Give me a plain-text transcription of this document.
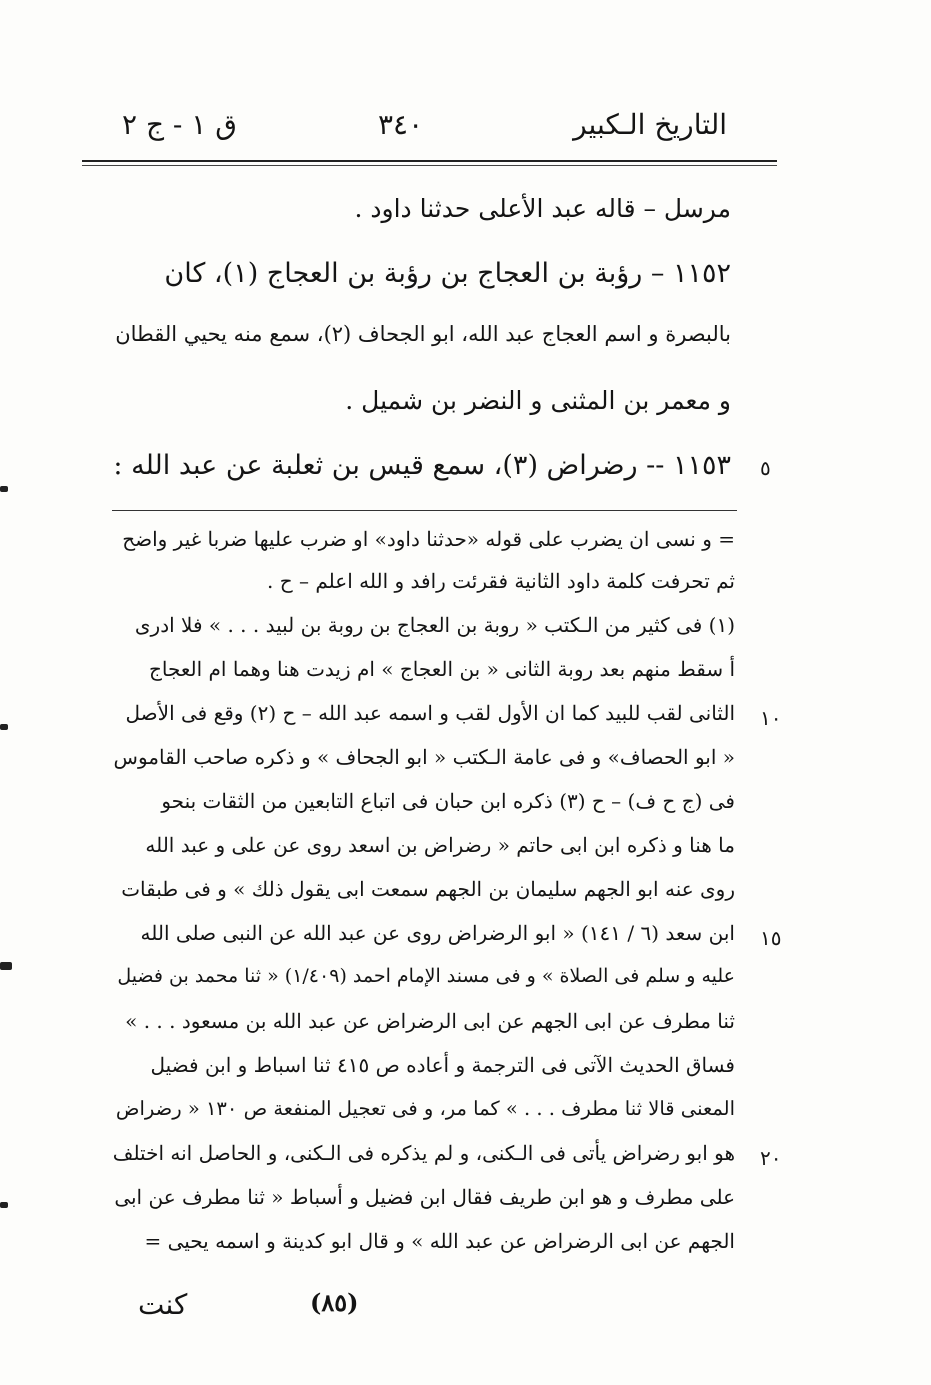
التاريخ الـكبير
٣٤٠
ق ١ - ج ٢
مرسل – قاله عبد الأعلى حدثنا داود .
١١٥٢ – رؤبة بن العجاج بن رؤبة بن العجاج (١)، كان
بالبصرة و اسم العجاج عبد الله، ابو الجحاف (٢)، سمع منه يحيي القطان
و معمر بن المثنى و النضر بن شميل .
١١٥٣ -- رضراض (٣)، سمع قيس بن ثعلبة عن عبد الله : ٥
= و نسى ان يضرب على قوله «حدثنا داود» او ضرب عليها ضربا غير واضح
ثم تحرفت كلمة داود الثانية فقرئت رافد و الله اعلم – ح .
(١) فى كثير من الـكتب « روبة بن العجاج بن روبة بن لبيد . . . » فلا ادرى
أ سقط منهم بعد روبة الثانى « بن العجاج » ام زيدت هنا وهما ام العجاج
الثانى لقب للبيد كما ان الأول لقب و اسمه عبد الله – ح (٢) وقع فى الأصل ١٠
« ابو الحصاف» و فى عامة الـكتب « ابو الجحاف » و ذكره صاحب القاموس
فى (ج ح ف) – ح (٣) ذكره ابن حبان فى اتباع التابعين من الثقات بنحو
ما هنا و ذكره ابن ابى حاتم « رضراض بن اسعد روى عن على و عبد الله
روى عنه ابو الجهم سليمان بن الجهم سمعت ابى يقول ذلك » و فى طبقات
ابن سعد (٦ / ١٤١) « ابو الرضراض روى عن عبد الله عن النبى صلى الله ١٥
عليه و سلم فى الصلاة » و فى مسند الإمام احمد (١/٤٠٩) « ثنا محمد بن فضيل
ثنا مطرف عن ابى الجهم عن ابى الرضراض عن عبد الله بن مسعود . . . »
فساق الحديث الآتى فى الترجمة و أعاده ص ٤١٥ ثنا اسباط و ابن فضيل
المعنى قالا ثنا مطرف . . . » كما مر، و فى تعجيل المنفعة ص ١٣٠ « رضراض
هو ابو رضراض يأتى فى الـكنى، و لم يذكره فى الـكنى، و الحاصل انه اختلف ٢٠
على مطرف و هو ابن طريف فقال ابن فضيل و أسباط « ثنا مطرف عن ابى
الجهم عن ابى الرضراض عن عبد الله » و قال ابو كدينة و اسمه يحيى =
(٨٥)
كنت
